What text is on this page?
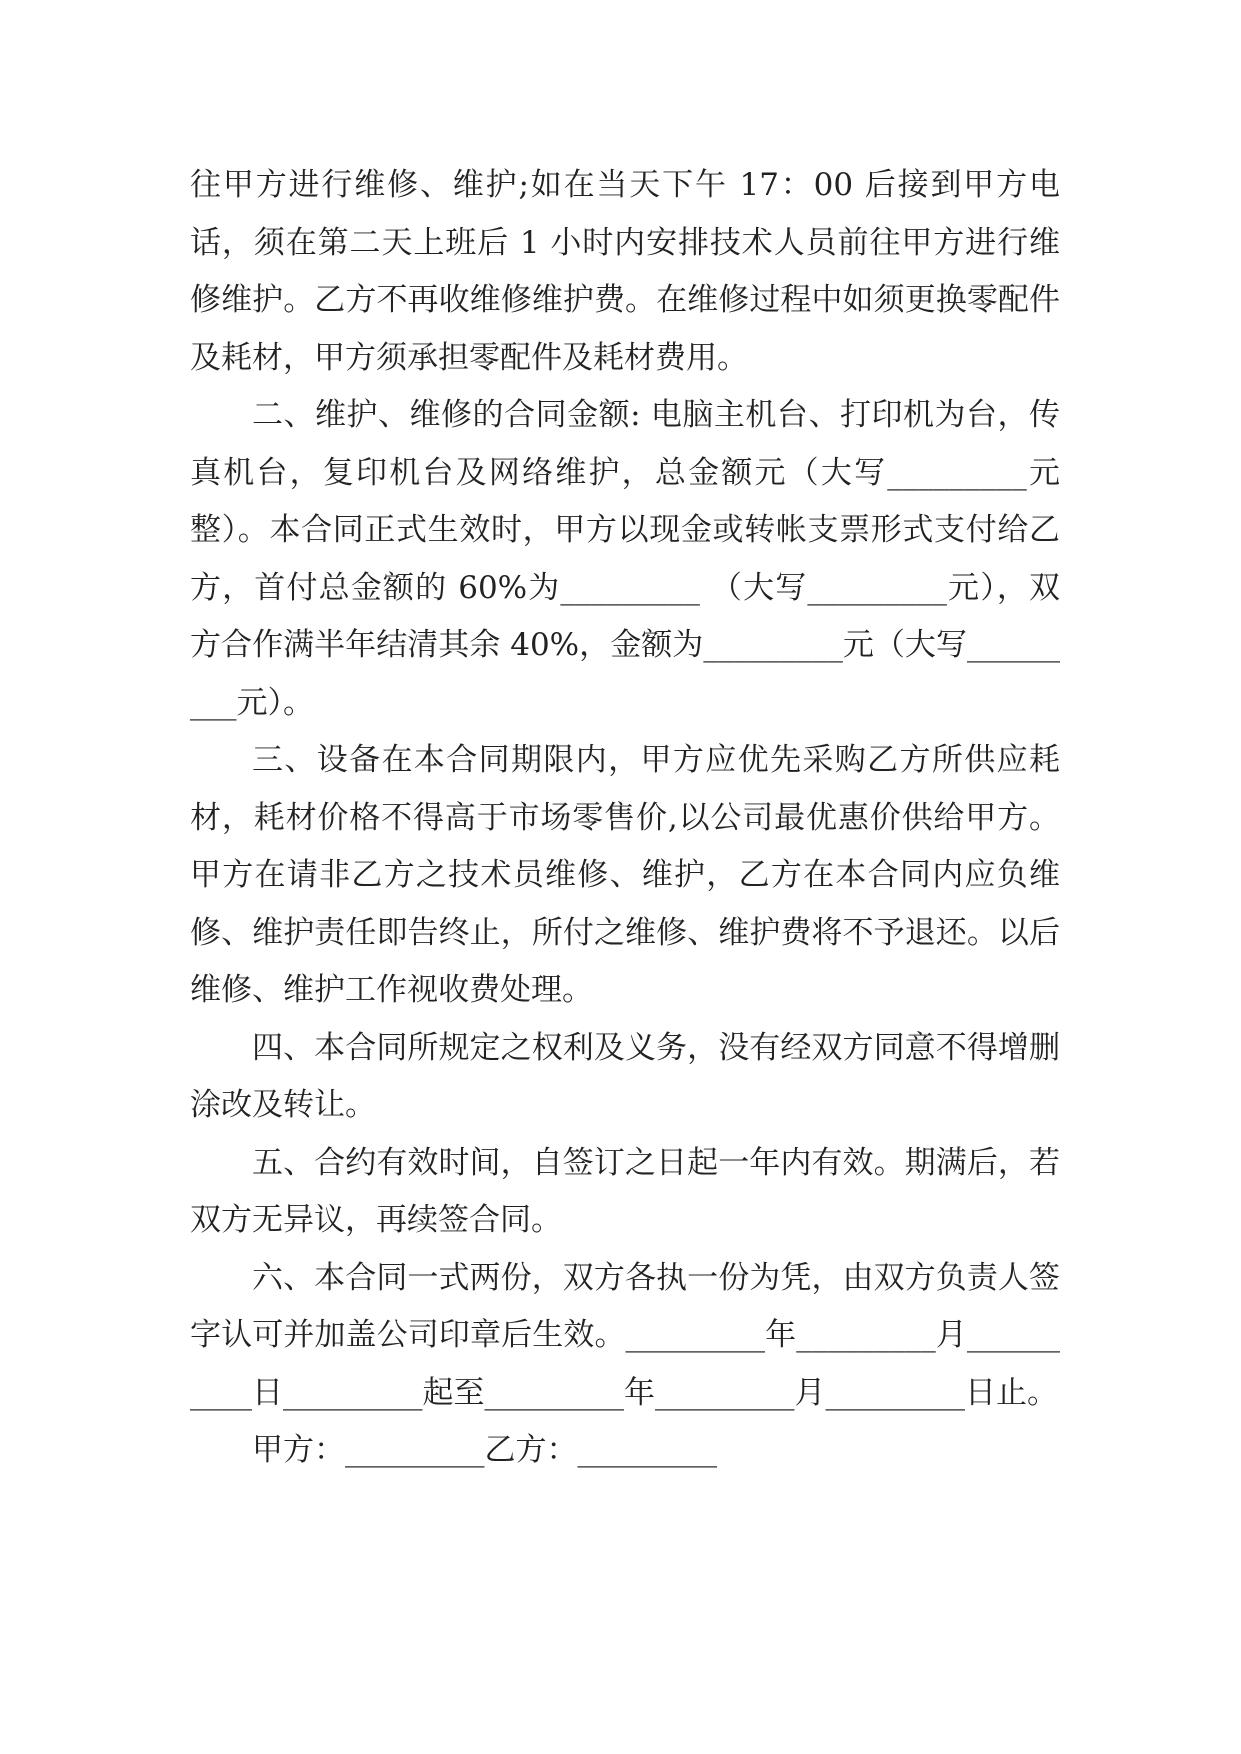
往甲方进行维修、维护;如在当天下午 17：00 后接到甲方电话，须在第二天上班后 1 小时内安排技术人员前往甲方进行维修维护。乙方不再收维修维护费。在维修过程中如须更换零配件及耗材，甲方须承担零配件及耗材费用。

二、维护、维修的合同金额: 电脑主机台、打印机为台，传真机台，复印机台及网络维护，总金额元（大写_________元整）。本合同正式生效时，甲方以现金或转帐支票形式支付给乙方，首付总金额的 60%为_________ （大写_________元），双方合作满半年结清其余 40%，金额为_________元（大写_________元）。

三、设备在本合同期限内，甲方应优先采购乙方所供应耗材，耗材价格不得高于市场零售价,以公司最优惠价供给甲方。甲方在请非乙方之技术员维修、维护，乙方在本合同内应负维修、维护责任即告终止，所付之维修、维护费将不予退还。以后维修、维护工作视收费处理。

四、本合同所规定之权利及义务，没有经双方同意不得增删涂改及转让。

五、合约有效时间，自签订之日起一年内有效。期满后，若双方无异议，再续签合同。

六、本合同一式两份，双方各执一份为凭，由双方负责人签字认可并加盖公司印章后生效。_________年_________月__________日_________起至_________年_________月_________日止。

甲方：_________乙方：_________
